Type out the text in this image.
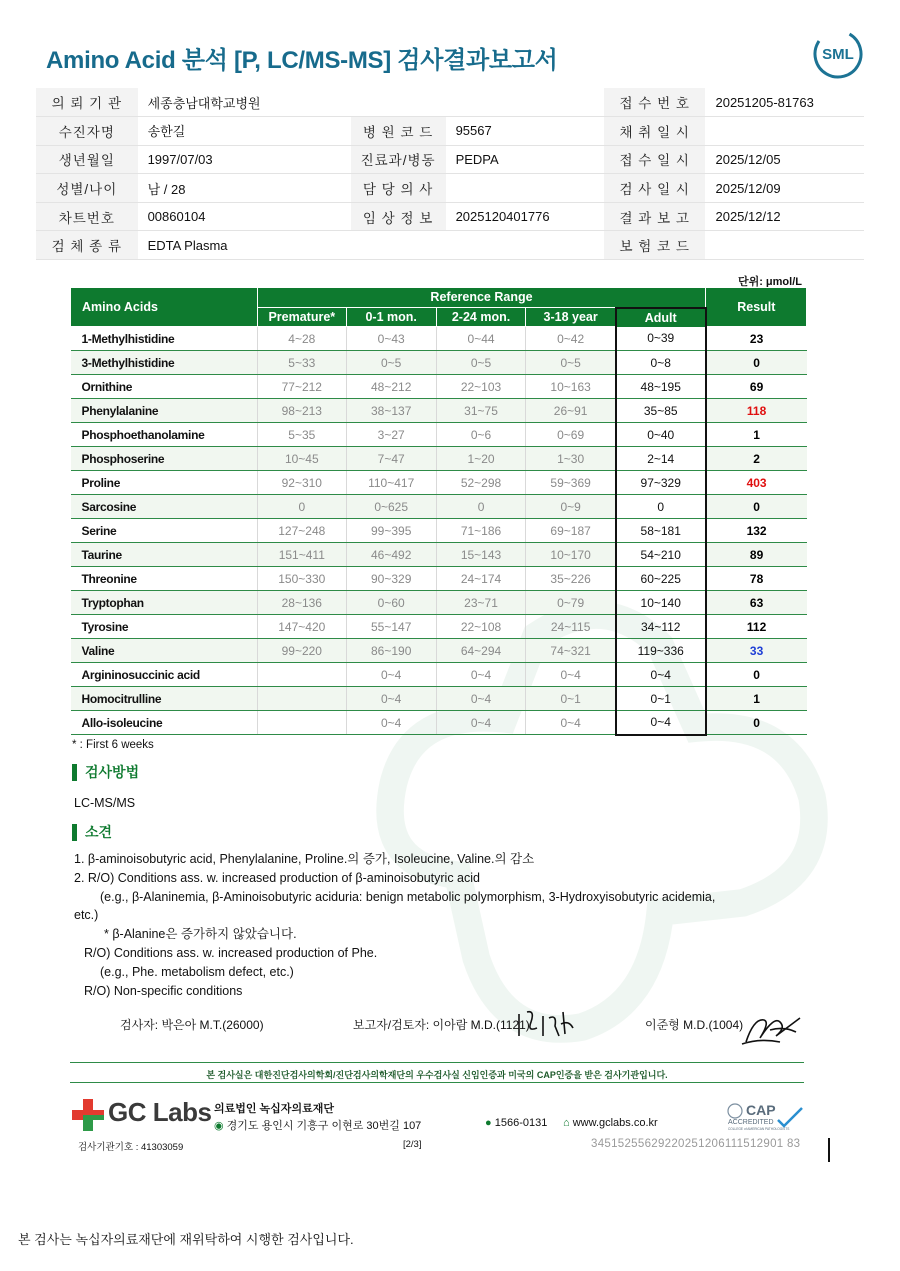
Amino Acid 분석 [P, LC/MS-MS] 검사결과보고서	SML
의 뢰 기 관	세종충남대학교병원			접 수 번 호	20251205-81763
수진자명	송한길	병 원 코 드	95567	채 취 일 시	
생년월일	1997/07/03	진료과/병동	PEDPA	접 수 일 시	2025/12/05
성별/나이	남 / 28	담 당 의 사		검 사 일 시	2025/12/09
차트번호	00860104	임 상 정 보	2025120401776	결 과 보 고	2025/12/12
검 체 종 류	EDTA Plasma			보 험 코 드	
단위: μmol/L
Amino Acids	Reference Range					Result
	Premature*	0-1 mon.	2-24 mon.	3-18 year	Adult	
1-Methylhistidine	4~28	0~43	0~44	0~42	0~39	23
3-Methylhistidine	5~33	0~5	0~5	0~5	0~8	0
Ornithine	77~212	48~212	22~103	10~163	48~195	69
Phenylalanine	98~213	38~137	31~75	26~91	35~85	118
Phosphoethanolamine	5~35	3~27	0~6	0~69	0~40	1
Phosphoserine	10~45	7~47	1~20	1~30	2~14	2
Proline	92~310	110~417	52~298	59~369	97~329	403
Sarcosine	0	0~625	0	0~9	0	0
Serine	127~248	99~395	71~186	69~187	58~181	132
Taurine	151~411	46~492	15~143	10~170	54~210	89
Threonine	150~330	90~329	24~174	35~226	60~225	78
Tryptophan	28~136	0~60	23~71	0~79	10~140	63
Tyrosine	147~420	55~147	22~108	24~115	34~112	112
Valine	99~220	86~190	64~294	74~321	119~336	33
Argininosuccinic acid		0~4	0~4	0~4	0~4	0
Homocitrulline		0~4	0~4	0~1	0~1	1
Allo-isoleucine		0~4	0~4	0~4	0~4	0
* : First 6 weeks
검사방법
LC-MS/MS
소견
1. β-aminoisobutyric acid, Phenylalanine, Proline.의 증가, Isoleucine, Valine.의 감소
2. R/O) Conditions ass. w. increased production of β-aminoisobutyric acid
(e.g., β-Alaninemia, β-Aminoisobutyric aciduria: benign metabolic polymorphism, 3-Hydroxyisobutyric acidemia,
etc.)
* β-Alanine은 증가하지 않았습니다.
R/O) Conditions ass. w. increased production of Phe.
(e.g., Phe. metabolism defect, etc.)
R/O) Non-specific conditions
검사자: 박은아 M.T.(26000)	보고자/검토자: 이아람 M.D.(1121)	이준형 M.D.(1004)
본 검사실은 대한진단검사의학회/진단검사의학재단의 우수검사실 신임인증과 미국의 CAP인증을 받은 검사기관입니다.
GC Labs 의료법인 녹십자의료재단
◉ 경기도 용인시 기흥구 이현로 30번길 107	● 1566-0131 ⌂ www.gclabs.co.kr
CAP
ACCREDITED
COLLEGE of AMERICAN PATHOLOGISTS
검사기관기호 : 41303059	[2/3]	34515255629220251206111512901 83
본 검사는 녹십자의료재단에 재위탁하여 시행한 검사입니다.
